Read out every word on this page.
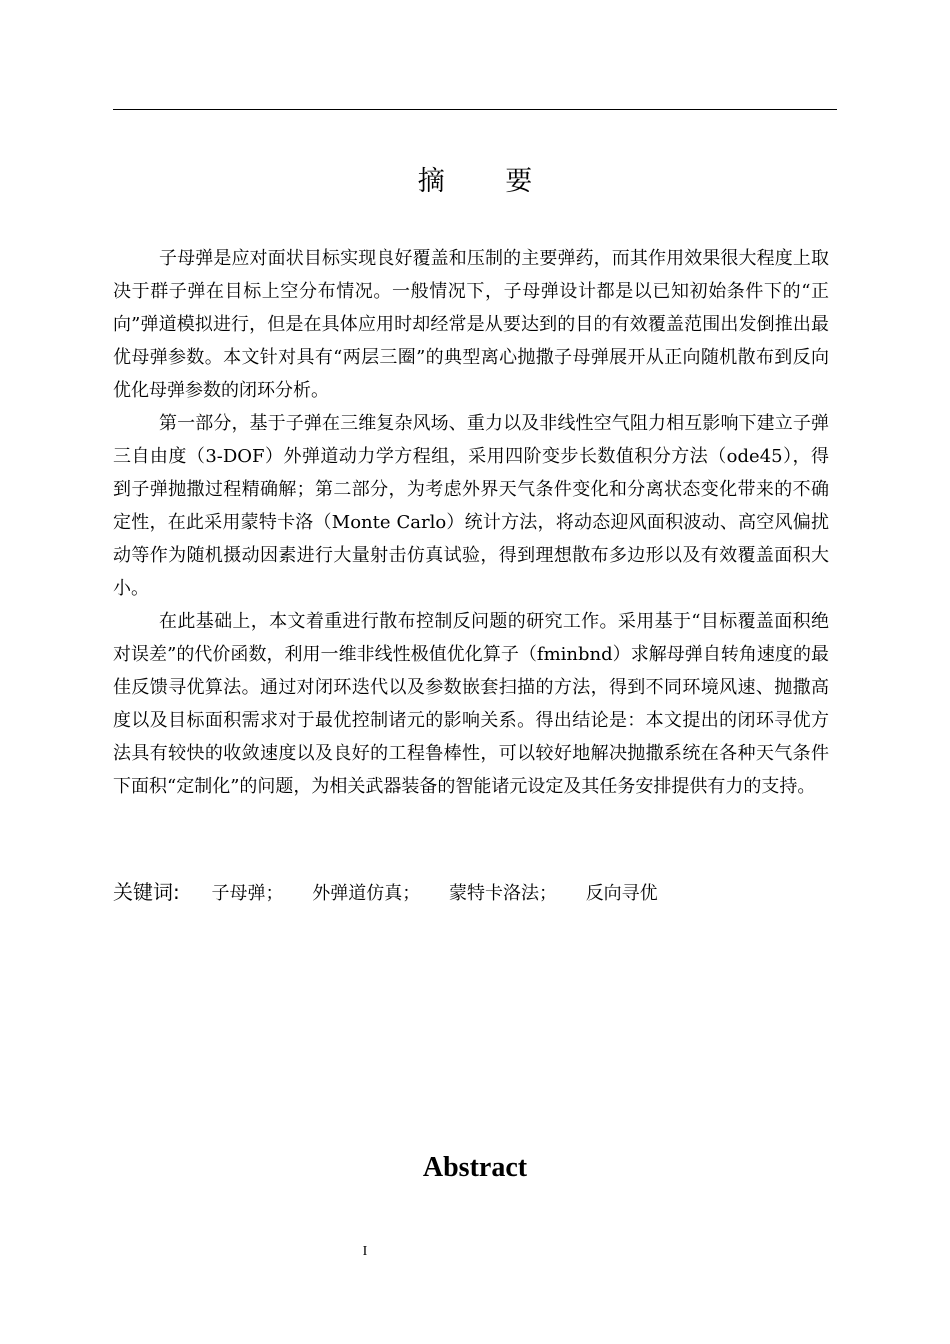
摘 要

子母弹是应对面状目标实现良好覆盖和压制的主要弹药，而其作用效果很大程度上取决于群子弹在目标上空分布情况。一般情况下，子母弹设计都是以已知初始条件下的“正向”弹道模拟进行，但是在具体应用时却经常是从要达到的目的有效覆盖范围出发倒推出最优母弹参数。本文针对具有“两层三圈”的典型离心抛撒子母弹展开从正向随机散布到反向优化母弹参数的闭环分析。

第一部分，基于子弹在三维复杂风场、重力以及非线性空气阻力相互影响下建立子弹三自由度（3-DOF）外弹道动力学方程组，采用四阶变步长数值积分方法（ode45），得到子弹抛撒过程精确解；第二部分，为考虑外界天气条件变化和分离状态变化带来的不确定性，在此采用蒙特卡洛（Monte Carlo）统计方法，将动态迎风面积波动、高空风偏扰动等作为随机摄动因素进行大量射击仿真试验，得到理想散布多边形以及有效覆盖面积大小。

在此基础上，本文着重进行散布控制反问题的研究工作。采用基于“目标覆盖面积绝对误差”的代价函数，利用一维非线性极值优化算子（fminbnd）求解母弹自转角速度的最佳反馈寻优算法。通过对闭环迭代以及参数嵌套扫描的方法，得到不同环境风速、抛撒高度以及目标面积需求对于最优控制诸元的影响关系。得出结论是：本文提出的闭环寻优方法具有较快的收敛速度以及良好的工程鲁棒性，可以较好地解决抛撒系统在各种天气条件下面积“定制化”的问题，为相关武器装备的智能诸元设定及其任务安排提供有力的支持。

关键词: 子母弹； 外弹道仿真； 蒙特卡洛法； 反向寻优
Abstract
I
